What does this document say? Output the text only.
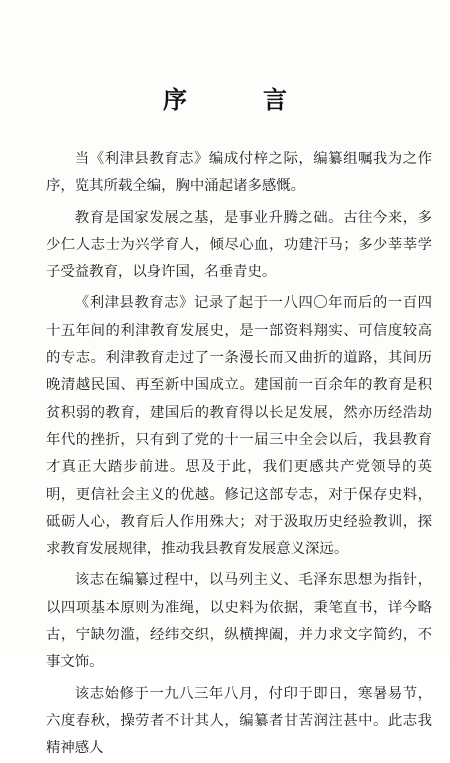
序　言

当《利津县教育志》编成付梓之际，编纂组嘱我为之作序，览其所载全编，胸中涌起诸多感慨。

教育是国家发展之基，是事业升腾之础。古往今来，多少仁人志士为兴学育人，倾尽心血，功建汗马；多少莘莘学子受益教育，以身许国，名垂青史。

《利津县教育志》记录了起于一八四〇年而后的一百四十五年间的利津教育发展史，是一部资料翔实、可信度较高的专志。利津教育走过了一条漫长而又曲折的道路，其间历晚清越民国、再至新中国成立。建国前一百余年的教育是积贫积弱的教育，建国后的教育得以长足发展，然亦历经浩劫年代的挫折，只有到了党的十一届三中全会以后，我县教育才真正大踏步前进。思及于此，我们更感共产党领导的英明，更信社会主义的优越。修记这部专志，对于保存史料，砥砺人心，教育后人作用殊大；对于汲取历史经验教训，探求教育发展规律，推动我县教育发展意义深远。

该志在编纂过程中，以马列主义、毛泽东思想为指针，以四项基本原则为准绳，以史料为依据，秉笔直书，详今略古，宁缺勿滥，经纬交织，纵横捭阖，并力求文字简约，不事文饰。

该志始修于一九八三年八月，付印于即日，寒暑易节，六度春秋，操劳者不计其人，编纂者甘苦润注甚中。此志我精神感人
